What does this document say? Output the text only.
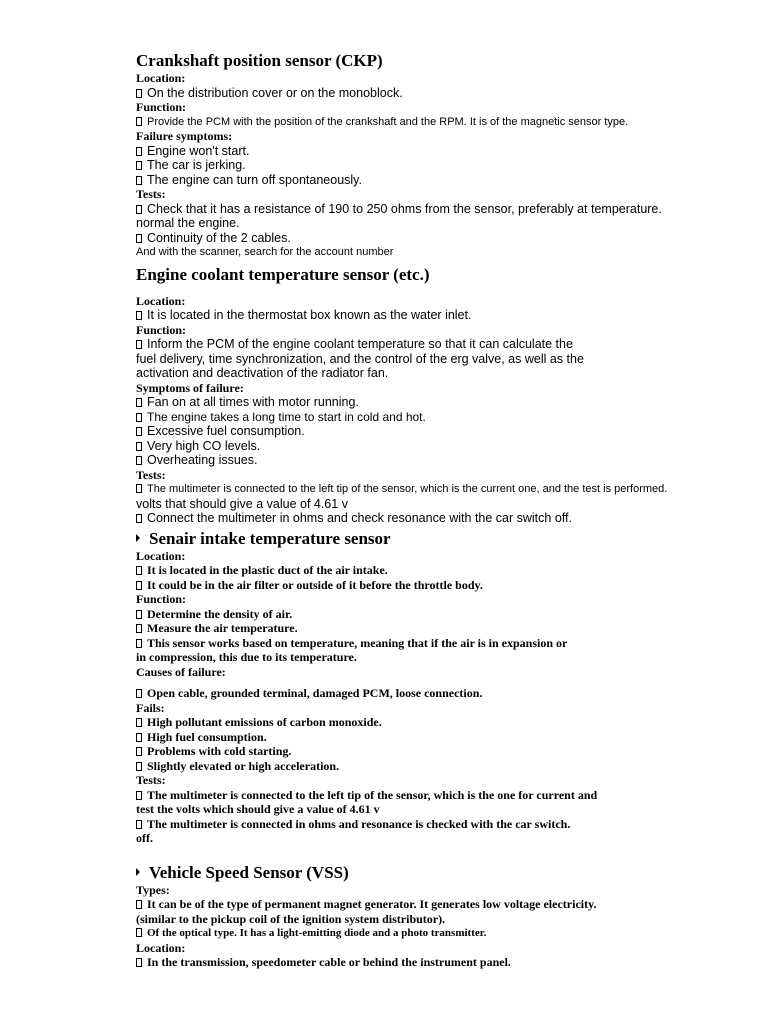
Crankshaft position sensor (CKP)
Location:
On the distribution cover or on the monoblock.
Function:
Provide the PCM with the position of the crankshaft and the RPM. It is of the magnetic sensor type.
Failure symptoms:
Engine won't start.
The car is jerking.
The engine can turn off spontaneously.
Tests:
Check that it has a resistance of 190 to 250 ohms from the sensor, preferably at temperature.
normal the engine.
Continuity of the 2 cables.
And with the scanner, search for the account number
Engine coolant temperature sensor (etc.)
Location:
It is located in the thermostat box known as the water inlet.
Function:
Inform the PCM of the engine coolant temperature so that it can calculate the
fuel delivery, time synchronization, and the control of the erg valve, as well as the
activation and deactivation of the radiator fan.
Symptoms of failure:
Fan on at all times with motor running.
The engine takes a long time to start in cold and hot.
Excessive fuel consumption.
Very high CO levels.
Overheating issues.
Tests:
The multimeter is connected to the left tip of the sensor, which is the current one, and the test is performed.
volts that should give a value of 4.61 v
Connect the multimeter in ohms and check resonance with the car switch off.
Senair intake temperature sensor
Location:
It is located in the plastic duct of the air intake.
It could be in the air filter or outside of it before the throttle body.
Function:
Determine the density of air.
Measure the air temperature.
This sensor works based on temperature, meaning that if the air is in expansion or
in compression, this due to its temperature.
Causes of failure:
Open cable, grounded terminal, damaged PCM, loose connection.
Fails:
High pollutant emissions of carbon monoxide.
High fuel consumption.
Problems with cold starting.
Slightly elevated or high acceleration.
Tests:
The multimeter is connected to the left tip of the sensor, which is the one for current and
test the volts which should give a value of 4.61 v
The multimeter is connected in ohms and resonance is checked with the car switch.
off.
Vehicle Speed Sensor (VSS)
Types:
It can be of the type of permanent magnet generator. It generates low voltage electricity.
(similar to the pickup coil of the ignition system distributor).
Of the optical type. It has a light-emitting diode and a photo transmitter.
Location:
In the transmission, speedometer cable or behind the instrument panel.
